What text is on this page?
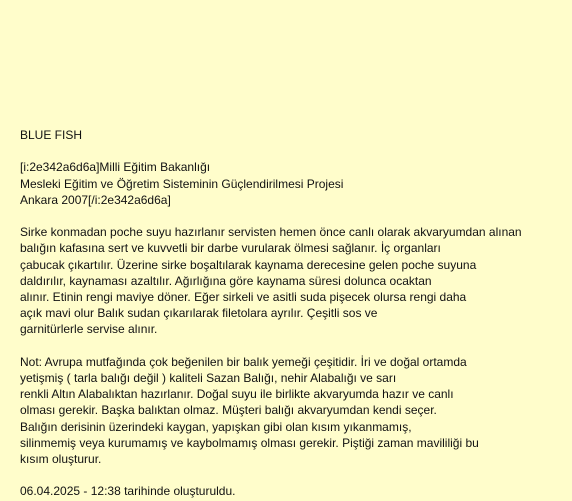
BLUE FISH
[i:2e342a6d6a]Milli Eğitim Bakanlığı
Mesleki Eğitim ve Öğretim Sisteminin Güçlendirilmesi Projesi
Ankara 2007[/i:2e342a6d6a]
Sirke konmadan poche suyu hazırlanır servisten hemen önce canlı olarak akvaryumdan alınan
balığın kafasına sert ve kuvvetli bir darbe vurularak ölmesi sağlanır. İç organları
çabucak çıkartılır. Üzerine sirke boşaltılarak kaynama derecesine gelen poche suyuna
daldırılır, kaynaması azaltılır. Ağırlığına göre kaynama süresi dolunca ocaktan
alınır. Etinin rengi maviye döner. Eğer sirkeli ve asitli suda pişecek olursa rengi daha
açık mavi olur Balık sudan çıkarılarak filetolara ayrılır. Çeşitli sos ve
garnitürlerle servise alınır.
Not: Avrupa mutfağında çok beğenilen bir balık yemeği çeşitidir. İri ve doğal ortamda
yetişmiş ( tarla balığı değil ) kaliteli Sazan Balığı, nehir Alabalığı ve sarı
renkli Altın Alabalıktan hazırlanır. Doğal suyu ile birlikte akvaryumda hazır ve canlı
olması gerekir. Başka balıktan olmaz. Müşteri balığı akvaryumdan kendi seçer.
Balığın derisinin üzerindeki kaygan, yapışkan gibi olan kısım yıkanmamış,
silinmemiş veya kurumamış ve kaybolmamış olması gerekir. Piştiği zaman mavililiği bu
kısım oluşturur.
06.04.2025 - 12:38 tarihinde oluşturuldu.
